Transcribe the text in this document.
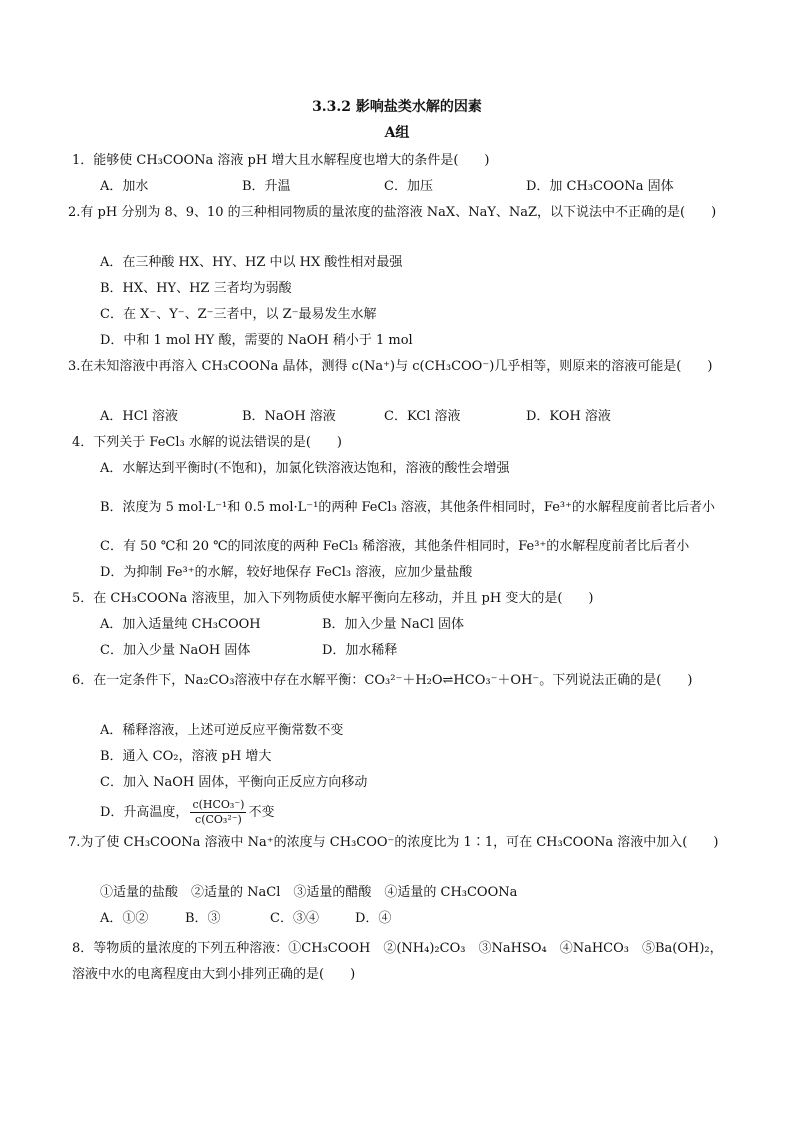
3.3.2 影响盐类水解的因素
A组

1．能够使 CH₃COONa 溶液 pH 增大且水解程度也增大的条件是(　　)

A．加水	B．升温	C．加压	D．加 CH₃COONa 固体

2.有 pH 分别为 8、9、10 的三种相同物质的量浓度的盐溶液 NaX、NaY、NaZ，以下说法中不正确的是(　　)

A．在三种酸 HX、HY、HZ 中以 HX 酸性相对最强

B．HX、HY、HZ 三者均为弱酸

C．在 X⁻、Y⁻、Z⁻三者中，以 Z⁻最易发生水解

D．中和 1 mol HY 酸，需要的 NaOH 稍小于 1 mol

3.在未知溶液中再溶入 CH₃COONa 晶体，测得 c(Na⁺)与 c(CH₃COO⁻)几乎相等，则原来的溶液可能是(　　)

A．HCl 溶液	B．NaOH 溶液	C．KCl 溶液	D．KOH 溶液

4．下列关于 FeCl₃ 水解的说法错误的是(　　)

A．水解达到平衡时(不饱和)，加氯化铁溶液达饱和，溶液的酸性会增强

B．浓度为 5 mol·L⁻¹和 0.5 mol·L⁻¹的两种 FeCl₃ 溶液，其他条件相同时，Fe³⁺的水解程度前者比后者小

C．有 50 ℃和 20 ℃的同浓度的两种 FeCl₃ 稀溶液，其他条件相同时，Fe³⁺的水解程度前者比后者小

D．为抑制 Fe³⁺的水解，较好地保存 FeCl₃ 溶液，应加少量盐酸

5．在 CH₃COONa 溶液里，加入下列物质使水解平衡向左移动，并且 pH 变大的是(　　)

A．加入适量纯 CH₃COOH	B．加入少量 NaCl 固体
C．加入少量 NaOH 固体	D．加水稀释

6．在一定条件下，Na₂CO₃溶液中存在水解平衡：CO₃²⁻＋H₂O⇌HCO₃⁻＋OH⁻。下列说法正确的是(　　)

A．稀释溶液，上述可逆反应平衡常数不变

B．通入 CO₂，溶液 pH 增大

C．加入 NaOH 固体，平衡向正反应方向移动

D．升高温度， $\frac{\text{c(HCO₃⁻)}}{\text{c(CO₃²⁻)}}$ 不变

7.为了使 CH₃COONa 溶液中 Na⁺的浓度与 CH₃COO⁻的浓度比为 1∶1，可在 CH₃COONa 溶液中加入(　　)

①适量的盐酸　②适量的 NaCl　③适量的醋酸　④适量的 CH₃COONa

A．①②	B．③	C．③④	D．④

8．等物质的量浓度的下列五种溶液：①CH₃COOH　②(NH₄)₂CO₃　③NaHSO₄　④NaHCO₃　⑤Ba(OH)₂，溶液中水的电离程度由大到小排列正确的是(　　)
